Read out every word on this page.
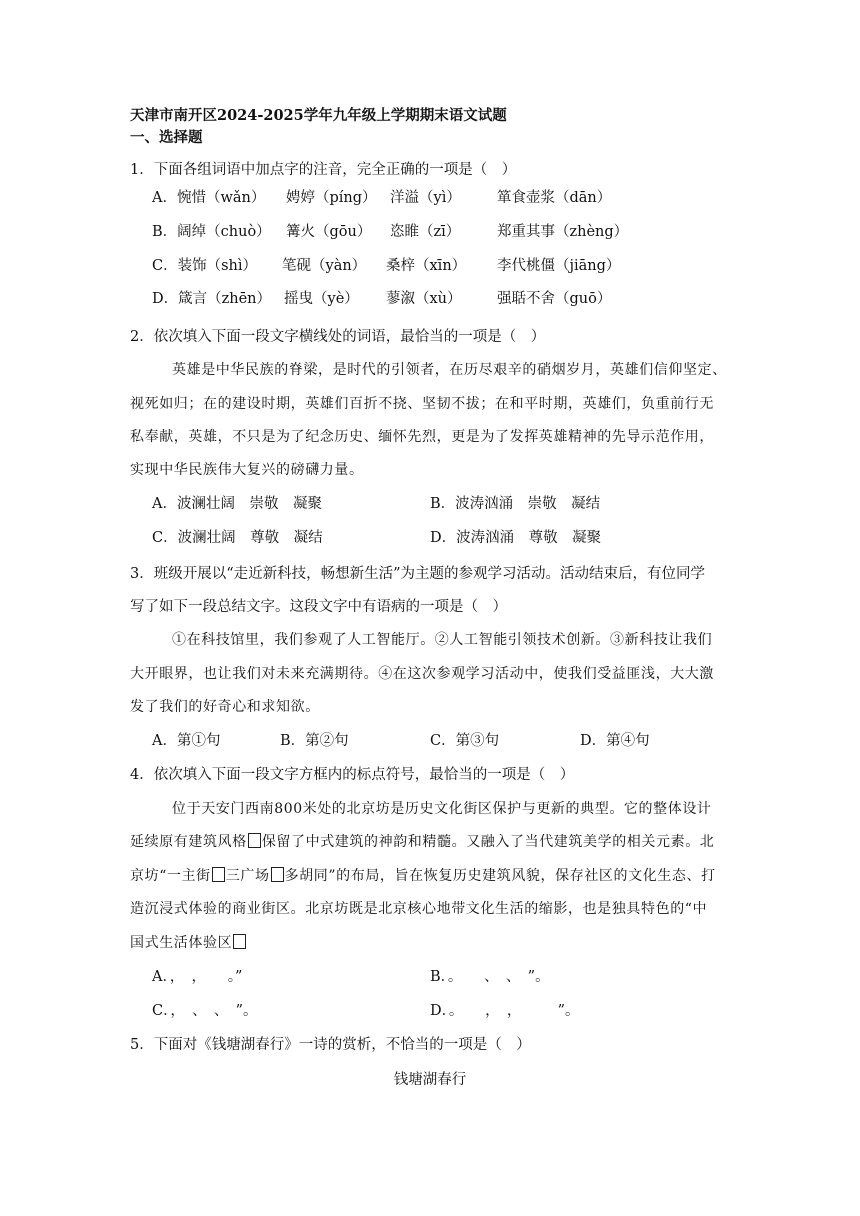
天津市南开区2024-2025学年九年级上学期期末语文试题
一、选择题
1．下面各组词语中加点字的注音，完全正确的一项是（　）
A．惋惜（wǎn） 娉婷（píng） 洋溢（yì） 箪食壶浆（dān）
B．阔绰（chuò） 篝火（gōu） 恣睢（zī）	郑重其事（zhèng）
C．装饰（shì） 笔砚（yàn） 桑梓（xīn） 李代桃僵（jiāng）
D．箴言（zhēn） 摇曳（yè） 蓼溆（xù） 强聒不舍（guō）
2．依次填入下面一段文字横线处的词语，最恰当的一项是（　）
英雄是中华民族的脊梁，是时代的引领者，在历尽艰辛的硝烟岁月，英雄们信仰坚定、
视死如归；在的建设时期，英雄们百折不挠、坚韧不拔；在和平时期，英雄们，负重前行无
私奉献，英雄，不只是为了纪念历史、缅怀先烈，更是为了发挥英雄精神的先导示范作用，
实现中华民族伟大复兴的磅礴力量。
A．波澜壮阔　崇敬　凝聚	B．波涛汹涌　崇敬　凝结
C．波澜壮阔　尊敬　凝结	D．波涛汹涌　尊敬　凝聚
3．班级开展以“走近新科技，畅想新生活”为主题的参观学习活动。活动结束后，有位同学
写了如下一段总结文字。这段文字中有语病的一项是（　）
①在科技馆里，我们参观了人工智能厅。②人工智能引领技术创新。③新科技让我们
大开眼界，也让我们对未来充满期待。④在这次参观学习活动中，使我们受益匪浅，大大激
发了我们的好奇心和求知欲。
A．第①句	B．第②句	C．第③句	D．第④句
4．依次填入下面一段文字方框内的标点符号，最恰当的一项是（　）
位于天安门西南800米处的北京坊是历史文化街区保护与更新的典型。它的整体设计
延续原有建筑风格 保留了中式建筑的神韵和精髓。又融入了当代建筑美学的相关元素。北
京坊“一主街 三广场 多胡同”的布局，旨在恢复历史建筑风貌，保存社区的文化生态、打
造沉浸式体验的商业街区。北京坊既是北京核心地带文化生活的缩影，也是独具特色的“中
国式生活体验区
A．，　，　　。”	B．。　　、　、　”。
C．，　、　、　”。	D．。　　，　，　　　”。
5．下面对《钱塘湖春行》一诗的赏析，不恰当的一项是（　）
钱塘湖春行
